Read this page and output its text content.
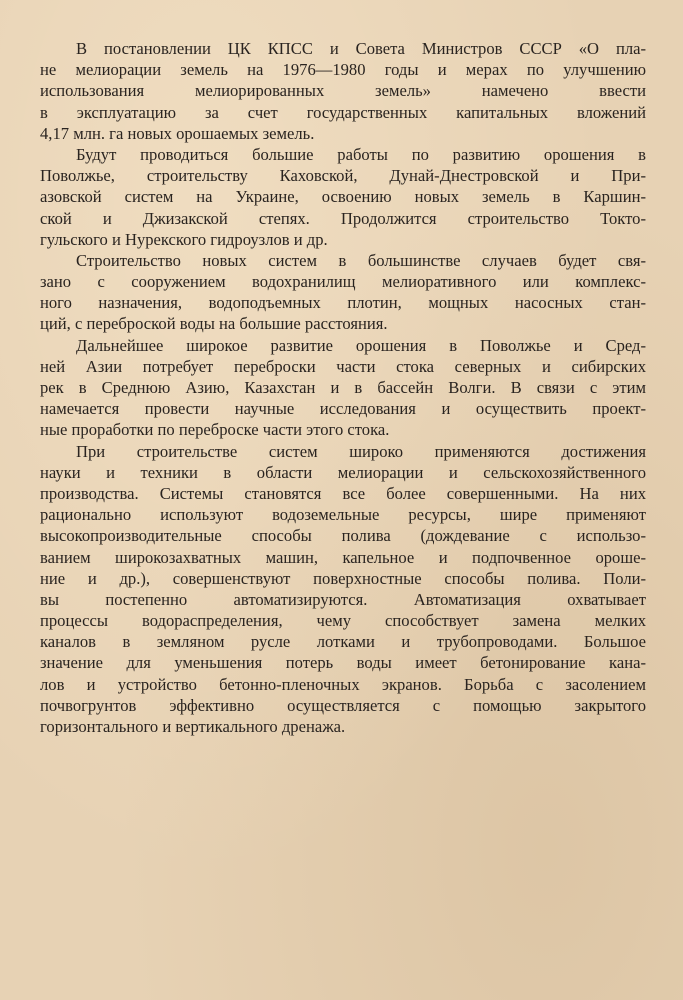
В постановлении ЦК КПСС и Совета Министров СССР «О пла-
не мелиорации земель на 1976—1980 годы и мерах по улучшению
использования мелиорированных земель» намечено ввести
в эксплуатацию за счет государственных капитальных вложений
4,17 млн. га новых орошаемых земель.

Будут проводиться большие работы по развитию орошения в
Поволжье, строительству Каховской, Дунай-Днестровской и При-
азовской систем на Украине, освоению новых земель в Каршин-
ской и Джизакской степях. Продолжится строительство Токто-
гульского и Нурекского гидроузлов и др.

Строительство новых систем в большинстве случаев будет свя-
зано с сооружением водохранилищ мелиоративного или комплекс-
ного назначения, водоподъемных плотин, мощных насосных стан-
ций, с переброской воды на большие расстояния.

Дальнейшее широкое развитие орошения в Поволжье и Сред-
ней Азии потребует переброски части стока северных и сибирских
рек в Среднюю Азию, Казахстан и в бассейн Волги. В связи с этим
намечается провести научные исследования и осуществить проект-
ные проработки по переброске части этого стока.

При строительстве систем широко применяются достижения
науки и техники в области мелиорации и сельскохозяйственного
производства. Системы становятся все более совершенными. На них
рационально используют водоземельные ресурсы, шире применяют
высокопроизводительные способы полива (дождевание с использо-
ванием широкозахватных машин, капельное и подпочвенное ороше-
ние и др.), совершенствуют поверхностные способы полива. Поли-
вы постепенно автоматизируются. Автоматизация охватывает
процессы водораспределения, чему способствует замена мелких
каналов в земляном русле лотками и трубопроводами. Большое
значение для уменьшения потерь воды имеет бетонирование кана-
лов и устройство бетонно-пленочных экранов. Борьба с засолением
почвогрунтов эффективно осуществляется с помощью закрытого
горизонтального и вертикального дренажа.
